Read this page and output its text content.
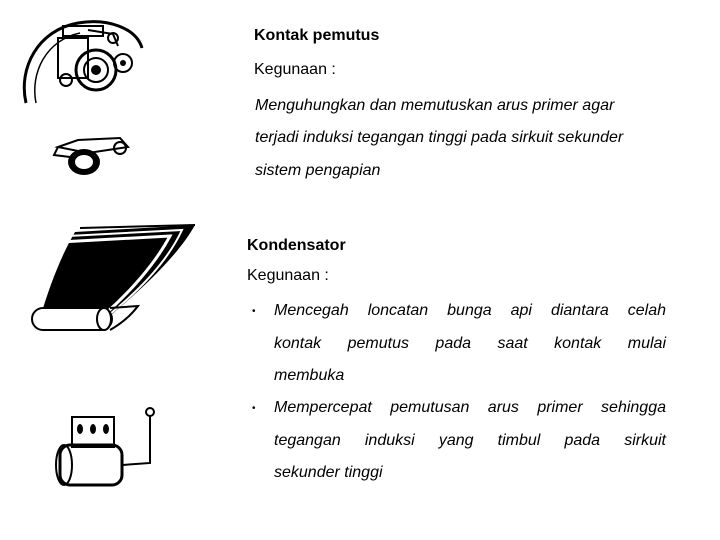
Kontak pemutus
Kegunaan :
Menguhungkan dan memutuskan arus primer agar
terjadi induksi tegangan tinggi pada sirkuit sekunder
sistem pengapian
Kondensator
Kegunaan :
• Mencegah loncatan bunga api diantara celah
kontak pemutus pada saat kontak mulai
membuka
• Mempercepat pemutusan arus primer sehingga
tegangan induksi yang timbul pada sirkuit
sekunder tinggi
